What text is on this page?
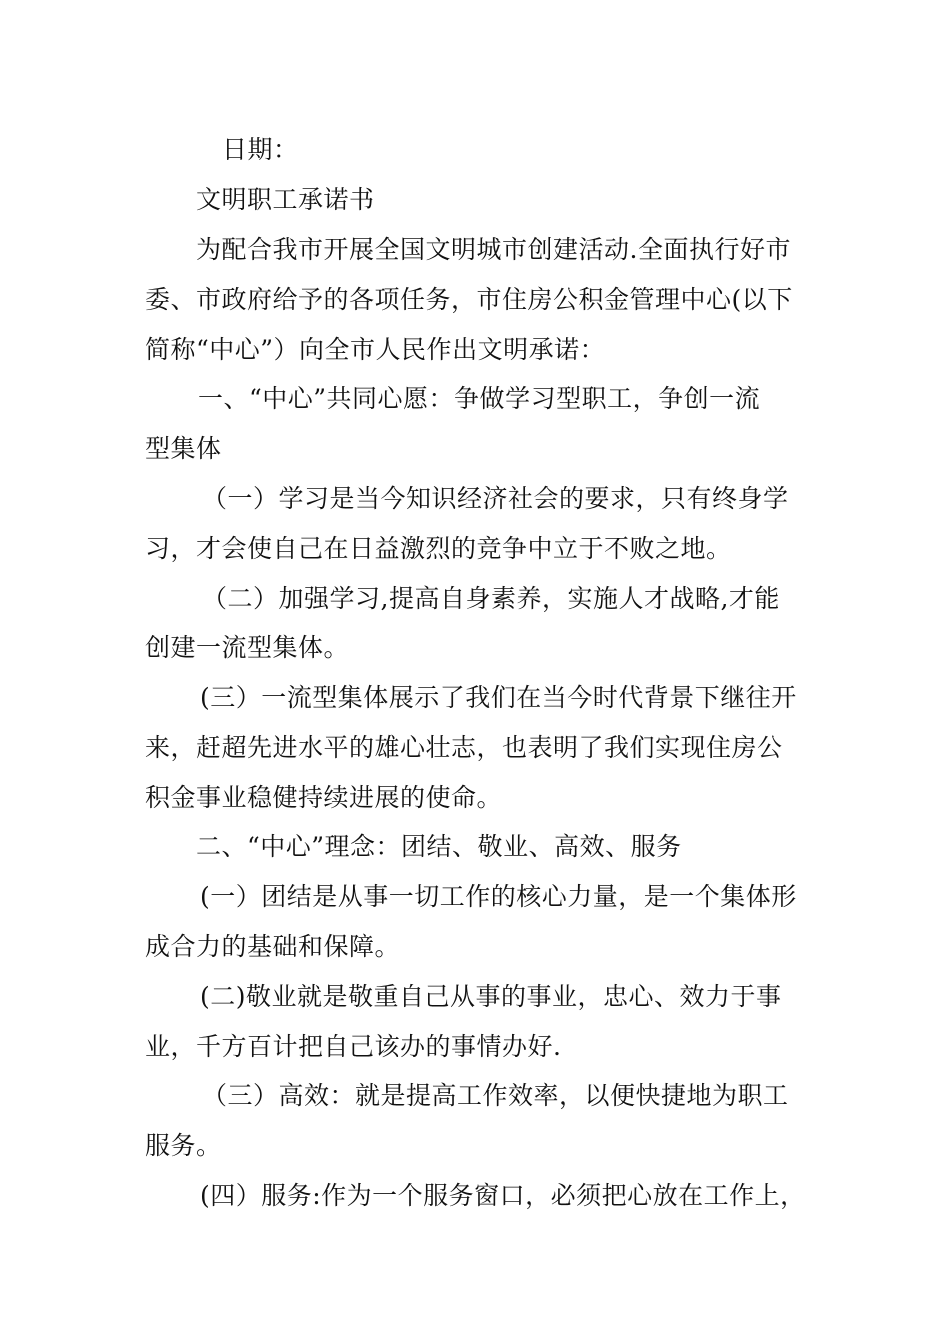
日期：
文明职工承诺书
为配合我市开展全国文明城市创建活动.全面执行好市
委、市政府给予的各项任务，市住房公积金管理中心(以下
简称“中心”）向全市人民作出文明承诺：
一、“中心”共同心愿：争做学习型职工，争创一流
型集体
（一）学习是当今知识经济社会的要求，只有终身学
习，才会使自己在日益激烈的竞争中立于不败之地。
（二）加强学习,提高自身素养，实施人才战略,才能
创建一流型集体。
(三）一流型集体展示了我们在当今时代背景下继往开
来，赶超先进水平的雄心壮志，也表明了我们实现住房公
积金事业稳健持续进展的使命。
二、“中心”理念：团结、敬业、高效、服务
(一）团结是从事一切工作的核心力量，是一个集体形
成合力的基础和保障。
(二)敬业就是敬重自己从事的事业，忠心、效力于事
业，千方百计把自己该办的事情办好.
（三）高效：就是提高工作效率，以便快捷地为职工
服务。
(四）服务:作为一个服务窗口，必须把心放在工作上，
